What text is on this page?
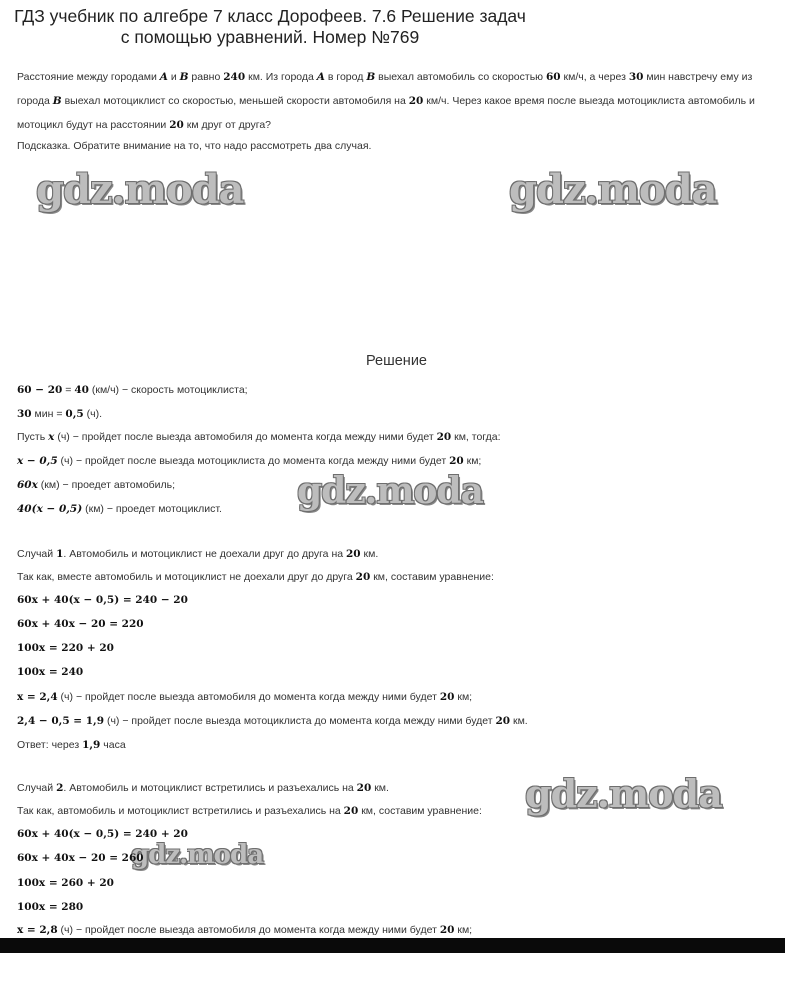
ГДЗ учебник по алгебре 7 класс Дорофеев. 7.6 Решение задач
с помощью уравнений. Номер №769
Расстояние между городами A и B равно 240 км. Из города A в город B выехал автомобиль со скоростью 60 км/ч, а через 30 мин навстречу ему из города B выехал мотоциклист со скоростью, меньшей скорости автомобиля на 20 км/ч. Через какое время после выезда мотоциклиста автомобиль и мотоцикл будут на расстоянии 20 км друг от друга?
Подсказка. Обратите внимание на то, что надо рассмотреть два случая.
gdz.moda	gdz.moda
gdz.moda
gdz.moda
gdz.moda
Решение
60 − 20 = 40 (км/ч) − скорость мотоциклиста;
30 мин = 0,5 (ч).
Пусть x (ч) − пройдет после выезда автомобиля до момента когда между ними будет 20 км, тогда:
x − 0,5 (ч) − пройдет после выезда мотоциклиста до момента когда между ними будет 20 км;
60x (км) − проедет автомобиль;
40(x − 0,5) (км) − проедет мотоциклист.
Случай 1. Автомобиль и мотоциклист не доехали друг до друга на 20 км.
Так как, вместе автомобиль и мотоциклист не доехали друг до друга 20 км, составим уравнение:
60x + 40(x − 0,5) = 240 − 20
60x + 40x − 20 = 220
100x = 220 + 20
100x = 240
x = 2,4 (ч) − пройдет после выезда автомобиля до момента когда между ними будет 20 км;
2,4 − 0,5 = 1,9 (ч) − пройдет после выезда мотоциклиста до момента когда между ними будет 20 км.
Ответ: через 1,9 часа
Случай 2. Автомобиль и мотоциклист встретились и разъехались на 20 км.
Так как, автомобиль и мотоциклист встретились и разъехались на 20 км, составим уравнение:
60x + 40(x − 0,5) = 240 + 20
60x + 40x − 20 = 260
100x = 260 + 20
100x = 280
x = 2,8 (ч) − пройдет после выезда автомобиля до момента когда между ними будет 20 км;
